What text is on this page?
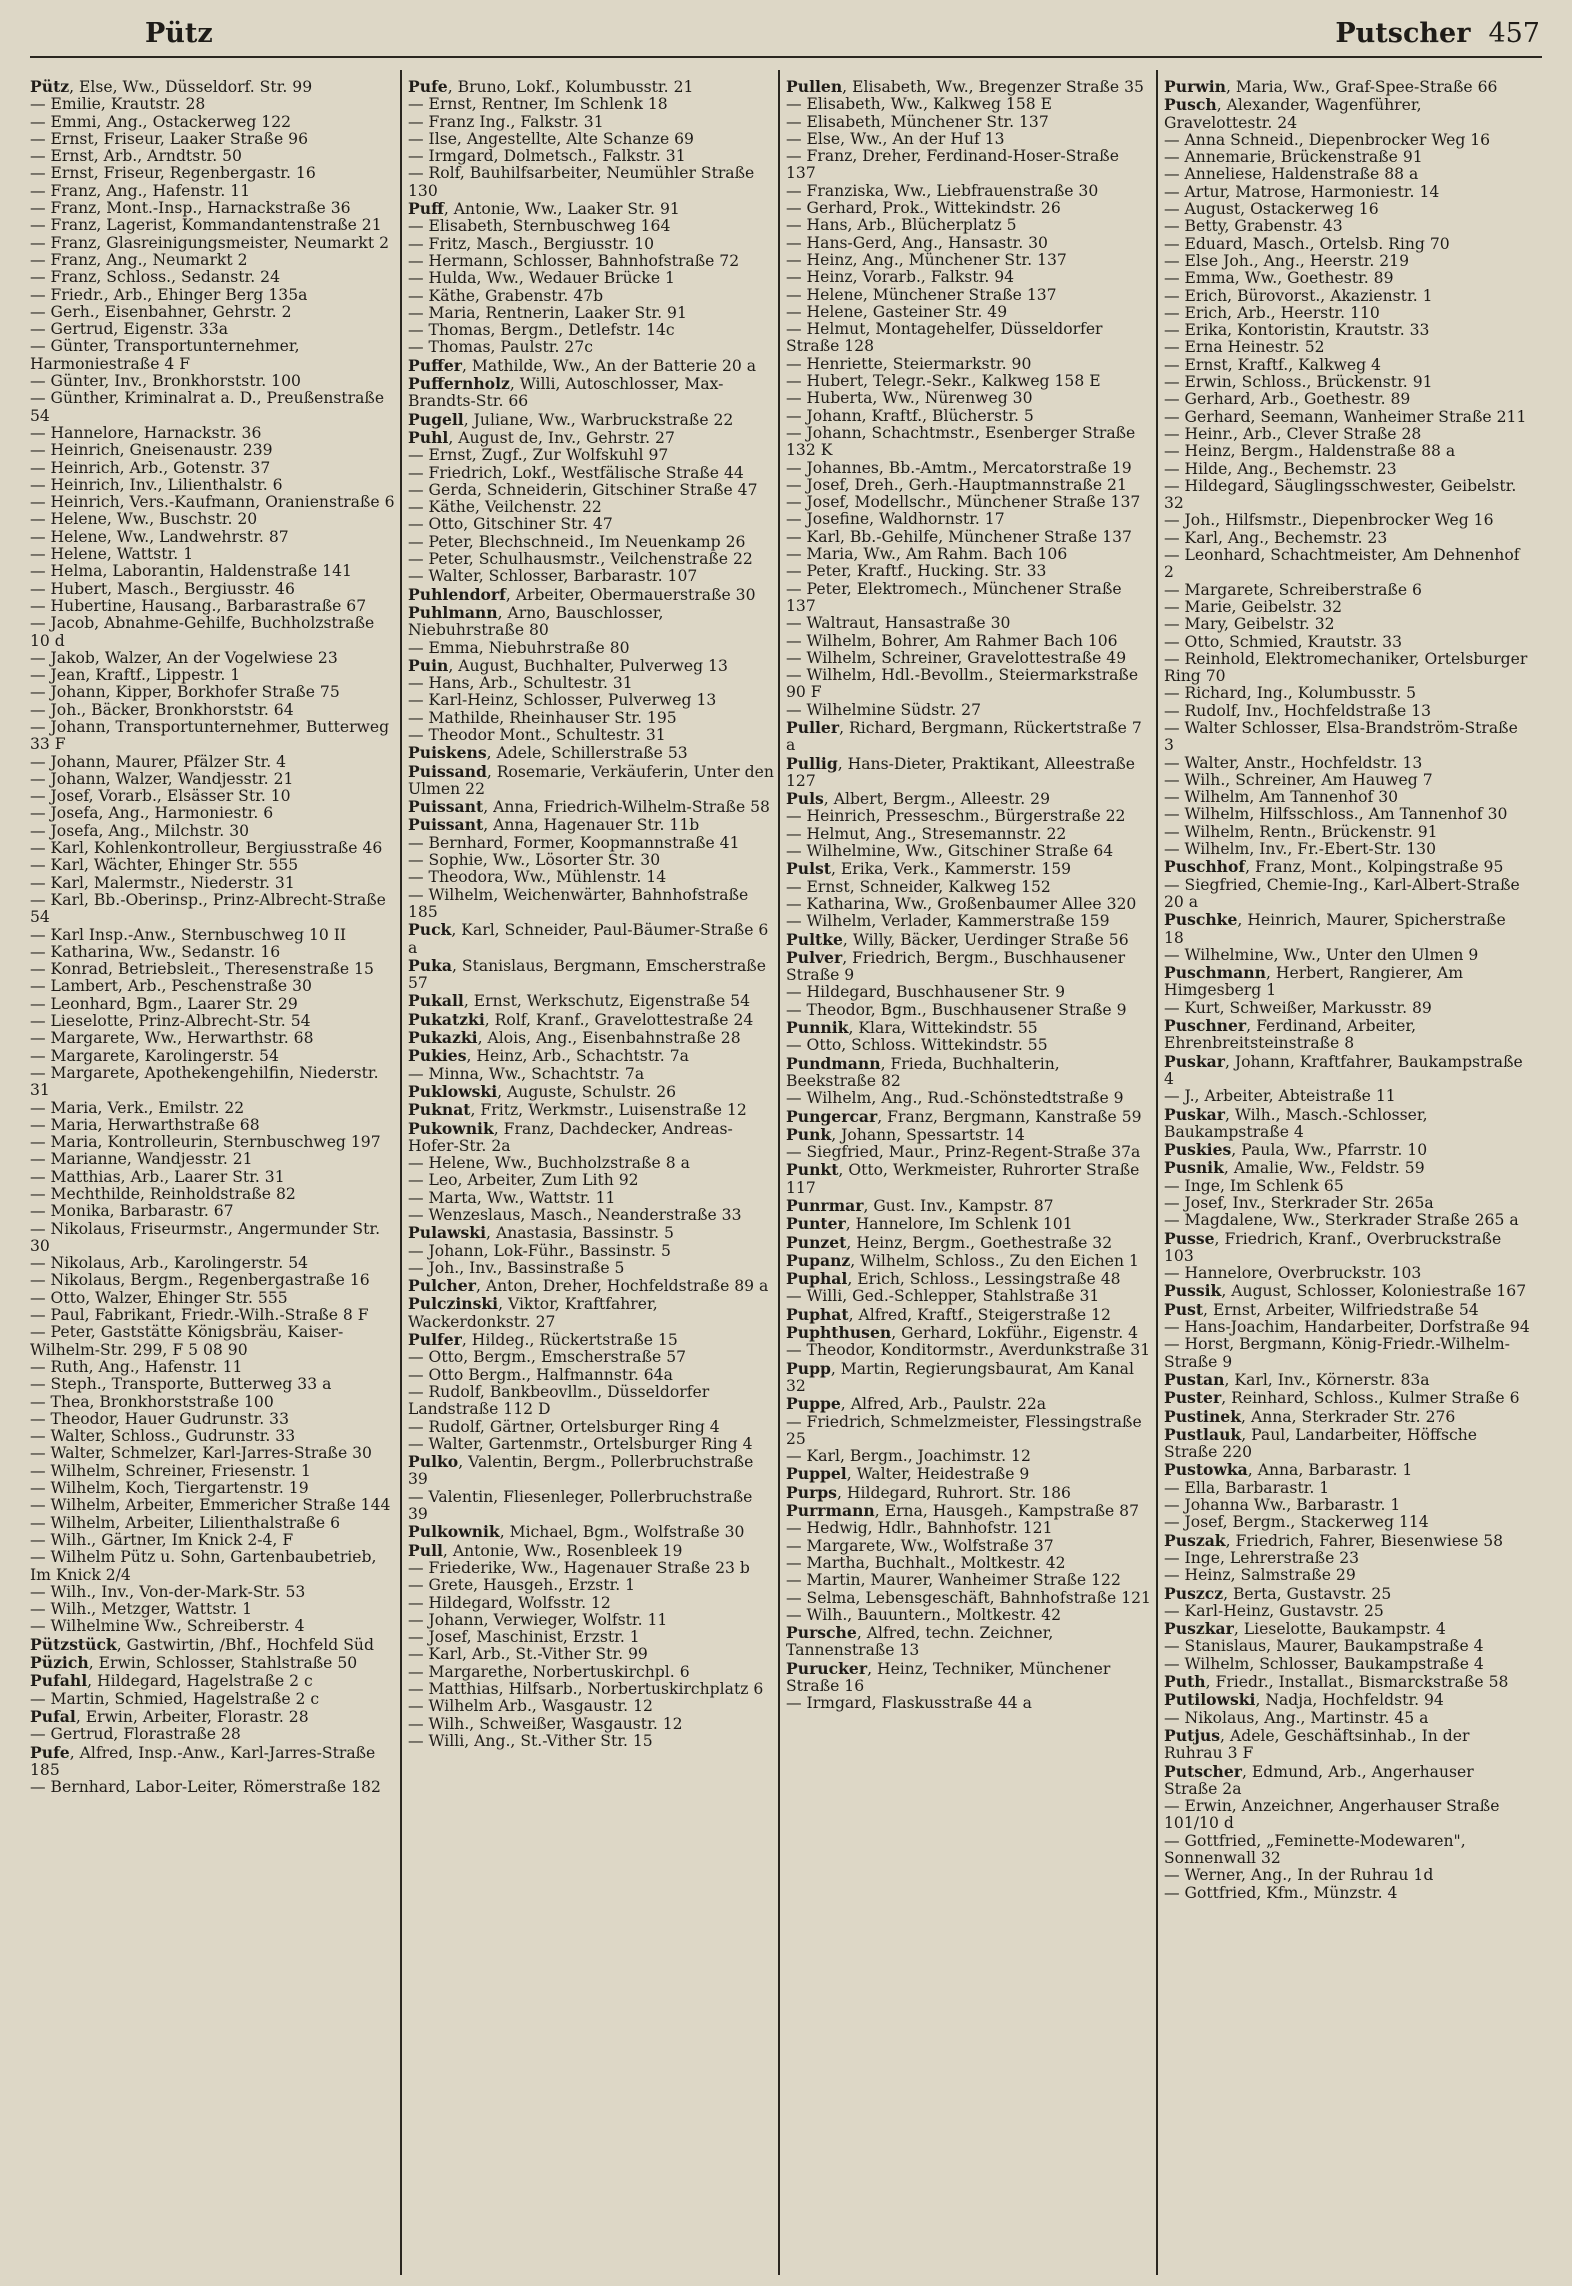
Pütz	Putscher 457
Pütz, Else, Ww., Düsseldorf. Str. 99
— Emilie, Krautstr. 28
— Emmi, Ang., Ostackerweg 122
— Ernst, Friseur, Laaker Straße 96
— Ernst, Arb., Arndtstr. 50
— Ernst, Friseur, Regenbergastr. 16
— Franz, Ang., Hafenstr. 11
— Franz, Mont.-Insp., Harnackstraße 36
— Franz, Lagerist, Kommandantenstraße 21
— Franz, Glasreinigungsmeister, Neumarkt 2
— Franz, Ang., Neumarkt 2
— Franz, Schloss., Sedanstr. 24
— Friedr., Arb., Ehinger Berg 135a
— Gerh., Eisenbahner, Gehrstr. 2
— Gertrud, Eigenstr. 33a
— Günter, Transportunternehmer, Harmoniestraße 4 F
— Günter, Inv., Bronkhorststr. 100
— Günther, Kriminalrat a. D., Preußenstraße 54
— Hannelore, Harnackstr. 36
— Heinrich, Gneisenaustr. 239
— Heinrich, Arb., Gotenstr. 37
— Heinrich, Inv., Lilienthalstr. 6
— Heinrich, Vers.-Kaufmann, Oranienstraße 6
— Helene, Ww., Buschstr. 20
— Helene, Ww., Landwehrstr. 87
— Helene, Wattstr. 1
— Helma, Laborantin, Haldenstraße 141
— Hubert, Masch., Bergiusstr. 46
— Hubertine, Hausang., Barbarastraße 67
— Jacob, Abnahme-Gehilfe, Buchholzstraße 10 d
— Jakob, Walzer, An der Vogelwiese 23
— Jean, Kraftf., Lippestr. 1
— Johann, Kipper, Borkhofer Straße 75
— Joh., Bäcker, Bronkhorststr. 64
— Johann, Transportunternehmer, Butterweg 33 F
— Johann, Maurer, Pfälzer Str. 4
— Johann, Walzer, Wandjesstr. 21
— Josef, Vorarb., Elsässer Str. 10
— Josefa, Ang., Harmoniestr. 6
— Josefa, Ang., Milchstr. 30
— Karl, Kohlenkontrolleur, Bergiusstraße 46
— Karl, Wächter, Ehinger Str. 555
— Karl, Malermstr., Niederstr. 31
— Karl, Bb.-Oberinsp., Prinz-Albrecht-Straße 54
— Karl Insp.-Anw., Sternbuschweg 10 II
— Katharina, Ww., Sedanstr. 16
— Konrad, Betriebsleit., Theresenstraße 15
— Lambert, Arb., Peschenstraße 30
— Leonhard, Bgm., Laarer Str. 29
— Lieselotte, Prinz-Albrecht-Str. 54
— Margarete, Ww., Herwarthstr. 68
— Margarete, Karolingerstr. 54
— Margarete, Apothekengehilfin, Niederstr. 31
— Maria, Verk., Emilstr. 22
— Maria, Herwarthstraße 68
— Maria, Kontrolleurin, Sternbuschweg 197
— Marianne, Wandjesstr. 21
— Matthias, Arb., Laarer Str. 31
— Mechthilde, Reinholdstraße 82
— Monika, Barbarastr. 67
— Nikolaus, Friseurmstr., Angermunder Str. 30
— Nikolaus, Arb., Karolingerstr. 54
— Nikolaus, Bergm., Regenbergastraße 16
— Otto, Walzer, Ehinger Str. 555
— Paul, Fabrikant, Friedr.-Wilh.-Straße 8 F
— Peter, Gaststätte Königsbräu, Kaiser-Wilhelm-Str. 299, F 5 08 90
— Ruth, Ang., Hafenstr. 11
— Steph., Transporte, Butterweg 33 a
— Thea, Bronkhorststraße 100
— Theodor, Hauer Gudrunstr. 33
— Walter, Schloss., Gudrunstr. 33
— Walter, Schmelzer, Karl-Jarres-Straße 30
— Wilhelm, Schreiner, Friesenstr. 1
— Wilhelm, Koch, Tiergartenstr. 19
— Wilhelm, Arbeiter, Emmericher Straße 144
— Wilhelm, Arbeiter, Lilienthalstraße 6
— Wilh., Gärtner, Im Knick 2-4, F
— Wilhelm Pütz u. Sohn, Gartenbaubetrieb, Im Knick 2/4
— Wilh., Inv., Von-der-Mark-Str. 53
— Wilh., Metzger, Wattstr. 1
— Wilhelmine Ww., Schreiberstr. 4
Pützstück, Gastwirtin, /Bhf., Hochfeld Süd
Püzich, Erwin, Schlosser, Stahlstraße 50
Pufahl, Hildegard, Hagelstraße 2 c
— Martin, Schmied, Hagelstraße 2 c
Pufal, Erwin, Arbeiter, Florastr. 28
— Gertrud, Florastraße 28
Pufe, Alfred, Insp.-Anw., Karl-Jarres-Straße 185
— Bernhard, Labor-Leiter, Römerstraße 182
Pufe, Bruno, Lokf., Kolumbusstr. 21
— Ernst, Rentner, Im Schlenk 18
— Franz Ing., Falkstr. 31
— Ilse, Angestellte, Alte Schanze 69
— Irmgard, Dolmetsch., Falkstr. 31
— Rolf, Bauhilfsarbeiter, Neumühler Straße 130
Puff, Antonie, Ww., Laaker Str. 91
— Elisabeth, Sternbuschweg 164
— Fritz, Masch., Bergiusstr. 10
— Hermann, Schlosser, Bahnhofstraße 72
— Hulda, Ww., Wedauer Brücke 1
— Käthe, Grabenstr. 47b
— Maria, Rentnerin, Laaker Str. 91
— Thomas, Bergm., Detlefstr. 14c
— Thomas, Paulstr. 27c
Puffer, Mathilde, Ww., An der Batterie 20 a
Puffernholz, Willi, Autoschlosser, Max-Brandts-Str. 66
Pugell, Juliane, Ww., Warbruckstraße 22
Puhl, August de, Inv., Gehrstr. 27
— Ernst, Zugf., Zur Wolfskuhl 97
— Friedrich, Lokf., Westfälische Straße 44
— Gerda, Schneiderin, Gitschiner Straße 47
— Käthe, Veilchenstr. 22
— Otto, Gitschiner Str. 47
— Peter, Blechschneid., Im Neuenkamp 26
— Peter, Schulhausmstr., Veilchenstraße 22
— Walter, Schlosser, Barbarastr. 107
Puhlendorf, Arbeiter, Obermauerstraße 30
Puhlmann, Arno, Bauschlosser, Niebuhrstraße 80
— Emma, Niebuhrstraße 80
Puin, August, Buchhalter, Pulverweg 13
— Hans, Arb., Schultestr. 31
— Karl-Heinz, Schlosser, Pulverweg 13
— Mathilde, Rheinhauser Str. 195
— Theodor Mont., Schultestr. 31
Puiskens, Adele, Schillerstraße 53
Puissand, Rosemarie, Verkäuferin, Unter den Ulmen 22
Puissant, Anna, Friedrich-Wilhelm-Straße 58
Puissant, Anna, Hagenauer Str. 11b
— Bernhard, Former, Koopmannstraße 41
— Sophie, Ww., Lösorter Str. 30
— Theodora, Ww., Mühlenstr. 14
— Wilhelm, Weichenwärter, Bahnhofstraße 185
Puck, Karl, Schneider, Paul-Bäumer-Straße 6 a
Puka, Stanislaus, Bergmann, Emscherstraße 57
Pukall, Ernst, Werkschutz, Eigenstraße 54
Pukatzki, Rolf, Kranf., Gravelottestraße 24
Pukazki, Alois, Ang., Eisenbahnstraße 28
Pukies, Heinz, Arb., Schachtstr. 7a
— Minna, Ww., Schachtstr. 7a
Puklowski, Auguste, Schulstr. 26
Puknat, Fritz, Werkmstr., Luisenstraße 12
Pukownik, Franz, Dachdecker, Andreas-Hofer-Str. 2a
— Helene, Ww., Buchholzstraße 8 a
— Leo, Arbeiter, Zum Lith 92
— Marta, Ww., Wattstr. 11
— Wenzeslaus, Masch., Neanderstraße 33
Pulawski, Anastasia, Bassinstr. 5
— Johann, Lok-Führ., Bassinstr. 5
— Joh., Inv., Bassinstraße 5
Pulcher, Anton, Dreher, Hochfeldstraße 89 a
Pulczinski, Viktor, Kraftfahrer, Wackerdonkstr. 27
Pulfer, Hildeg., Rückertstraße 15
— Otto, Bergm., Emscherstraße 57
— Otto Bergm., Halfmannstr. 64a
— Rudolf, Bankbeovllm., Düsseldorfer Landstraße 112 D
— Rudolf, Gärtner, Ortelsburger Ring 4
— Walter, Gartenmstr., Ortelsburger Ring 4
Pulko, Valentin, Bergm., Pollerbruchstraße 39
— Valentin, Fliesenleger, Pollerbruchstraße 39
Pulkownik, Michael, Bgm., Wolfstraße 30
Pull, Antonie, Ww., Rosenbleek 19
— Friederike, Ww., Hagenauer Straße 23 b
— Grete, Hausgeh., Erzstr. 1
— Hildegard, Wolfsstr. 12
— Johann, Verwieger, Wolfstr. 11
— Josef, Maschinist, Erzstr. 1
— Karl, Arb., St.-Vither Str. 99
— Margarethe, Norbertuskirchpl. 6
— Matthias, Hilfsarb., Norbertuskirchplatz 6
— Wilhelm Arb., Wasgaustr. 12
— Wilh., Schweißer, Wasgaustr. 12
— Willi, Ang., St.-Vither Str. 15
Pullen, Elisabeth, Ww., Bregenzer Straße 35
— Elisabeth, Ww., Kalkweg 158 E
— Elisabeth, Münchener Str. 137
— Else, Ww., An der Huf 13
— Franz, Dreher, Ferdinand-Hoser-Straße 137
— Franziska, Ww., Liebfrauenstraße 30
— Gerhard, Prok., Wittekindstr. 26
— Hans, Arb., Blücherplatz 5
— Hans-Gerd, Ang., Hansastr. 30
— Heinz, Ang., Münchener Str. 137
— Heinz, Vorarb., Falkstr. 94
— Helene, Münchener Straße 137
— Helene, Gasteiner Str. 49
— Helmut, Montagehelfer, Düsseldorfer Straße 128
— Henriette, Steiermarkstr. 90
— Hubert, Telegr.-Sekr., Kalkweg 158 E
— Huberta, Ww., Nürenweg 30
— Johann, Kraftf., Blücherstr. 5
— Johann, Schachtmstr., Esenberger Straße 132 K
— Johannes, Bb.-Amtm., Mercatorstraße 19
— Josef, Dreh., Gerh.-Hauptmannstraße 21
— Josef, Modellschr., Münchener Straße 137
— Josefine, Waldhornstr. 17
— Karl, Bb.-Gehilfe, Münchener Straße 137
— Maria, Ww., Am Rahm. Bach 106
— Peter, Kraftf., Hucking. Str. 33
— Peter, Elektromech., Münchener Straße 137
— Waltraut, Hansastraße 30
— Wilhelm, Bohrer, Am Rahmer Bach 106
— Wilhelm, Schreiner, Gravelottestraße 49
— Wilhelm, Hdl.-Bevollm., Steiermarkstraße 90 F
— Wilhelmine Südstr. 27
Puller, Richard, Bergmann, Rückertstraße 7 a
Pullig, Hans-Dieter, Praktikant, Alleestraße 127
Puls, Albert, Bergm., Alleestr. 29
— Heinrich, Presseschm., Bürgerstraße 22
— Helmut, Ang., Stresemannstr. 22
— Wilhelmine, Ww., Gitschiner Straße 64
Pulst, Erika, Verk., Kammerstr. 159
— Ernst, Schneider, Kalkweg 152
— Katharina, Ww., Großenbaumer Allee 320
— Wilhelm, Verlader, Kammerstraße 159
Pultke, Willy, Bäcker, Uerdinger Straße 56
Pulver, Friedrich, Bergm., Buschhausener Straße 9
— Hildegard, Buschhausener Str. 9
— Theodor, Bgm., Buschhausener Straße 9
Punnik, Klara, Wittekindstr. 55
— Otto, Schloss. Wittekindstr. 55
Pundmann, Frieda, Buchhalterin, Beekstraße 82
— Wilhelm, Ang., Rud.-Schönstedtstraße 9
Pungercar, Franz, Bergmann, Kanstraße 59
Punk, Johann, Spessartstr. 14
— Siegfried, Maur., Prinz-Regent-Straße 37a
Punkt, Otto, Werkmeister, Ruhrorter Straße 117
Punrmar, Gust. Inv., Kampstr. 87
Punter, Hannelore, Im Schlenk 101
Punzet, Heinz, Bergm., Goethestraße 32
Pupanz, Wilhelm, Schloss., Zu den Eichen 1
Puphal, Erich, Schloss., Lessingstraße 48
— Willi, Ged.-Schlepper, Stahlstraße 31
Puphat, Alfred, Kraftf., Steigerstraße 12
Puphthusen, Gerhard, Lokführ., Eigenstr. 4
— Theodor, Konditormstr., Averdunkstraße 31
Pupp, Martin, Regierungsbaurat, Am Kanal 32
Puppe, Alfred, Arb., Paulstr. 22a
— Friedrich, Schmelzmeister, Flessingstraße 25
— Karl, Bergm., Joachimstr. 12
Puppel, Walter, Heidestraße 9
Purps, Hildegard, Ruhrort. Str. 186
Purrmann, Erna, Hausgeh., Kampstraße 87
— Hedwig, Hdlr., Bahnhofstr. 121
— Margarete, Ww., Wolfstraße 37
— Martha, Buchhalt., Moltkestr. 42
— Martin, Maurer, Wanheimer Straße 122
— Selma, Lebensgeschäft, Bahnhofstraße 121
— Wilh., Bauuntern., Moltkestr. 42
Pursche, Alfred, techn. Zeichner, Tannenstraße 13
Purucker, Heinz, Techniker, Münchener Straße 16
— Irmgard, Flaskusstraße 44 a
Purwin, Maria, Ww., Graf-Spee-Straße 66
Pusch, Alexander, Wagenführer, Gravelottestr. 24
— Anna Schneid., Diepenbrocker Weg 16
— Annemarie, Brückenstraße 91
— Anneliese, Haldenstraße 88 a
— Artur, Matrose, Harmoniestr. 14
— August, Ostackerweg 16
— Betty, Grabenstr. 43
— Eduard, Masch., Ortelsb. Ring 70
— Else Joh., Ang., Heerstr. 219
— Emma, Ww., Goethestr. 89
— Erich, Bürovorst., Akazienstr. 1
— Erich, Arb., Heerstr. 110
— Erika, Kontoristin, Krautstr. 33
— Erna Heinestr. 52
— Ernst, Kraftf., Kalkweg 4
— Erwin, Schloss., Brückenstr. 91
— Gerhard, Arb., Goethestr. 89
— Gerhard, Seemann, Wanheimer Straße 211
— Heinr., Arb., Clever Straße 28
— Heinz, Bergm., Haldenstraße 88 a
— Hilde, Ang., Bechemstr. 23
— Hildegard, Säuglingsschwester, Geibelstr. 32
— Joh., Hilfsmstr., Diepenbrocker Weg 16
— Karl, Ang., Bechemstr. 23
— Leonhard, Schachtmeister, Am Dehnenhof 2
— Margarete, Schreiberstraße 6
— Marie, Geibelstr. 32
— Mary, Geibelstr. 32
— Otto, Schmied, Krautstr. 33
— Reinhold, Elektromechaniker, Ortelsburger Ring 70
— Richard, Ing., Kolumbusstr. 5
— Rudolf, Inv., Hochfeldstraße 13
— Walter Schlosser, Elsa-Brandström-Straße 3
— Walter, Anstr., Hochfeldstr. 13
— Wilh., Schreiner, Am Hauweg 7
— Wilhelm, Am Tannenhof 30
— Wilhelm, Hilfsschloss., Am Tannenhof 30
— Wilhelm, Rentn., Brückenstr. 91
— Wilhelm, Inv., Fr.-Ebert-Str. 130
Puschhof, Franz, Mont., Kolpingstraße 95
— Siegfried, Chemie-Ing., Karl-Albert-Straße 20 a
Puschke, Heinrich, Maurer, Spicherstraße 18
— Wilhelmine, Ww., Unter den Ulmen 9
Puschmann, Herbert, Rangierer, Am Himgesberg 1
— Kurt, Schweißer, Markusstr. 89
Puschner, Ferdinand, Arbeiter, Ehrenbreitsteinstraße 8
Puskar, Johann, Kraftfahrer, Baukampstraße 4
— J., Arbeiter, Abteistraße 11
Puskar, Wilh., Masch.-Schlosser, Baukampstraße 4
Puskies, Paula, Ww., Pfarrstr. 10
Pusnik, Amalie, Ww., Feldstr. 59
— Inge, Im Schlenk 65
— Josef, Inv., Sterkrader Str. 265a
— Magdalene, Ww., Sterkrader Straße 265 a
Pusse, Friedrich, Kranf., Overbruckstraße 103
— Hannelore, Overbruckstr. 103
Pussik, August, Schlosser, Koloniestraße 167
Pust, Ernst, Arbeiter, Wilfriedstraße 54
— Hans-Joachim, Handarbeiter, Dorfstraße 94
— Horst, Bergmann, König-Friedr.-Wilhelm-Straße 9
Pustan, Karl, Inv., Körnerstr. 83a
Puster, Reinhard, Schloss., Kulmer Straße 6
Pustinek, Anna, Sterkrader Str. 276
Pustlauk, Paul, Landarbeiter, Höffsche Straße 220
Pustowka, Anna, Barbarastr. 1
— Ella, Barbarastr. 1
— Johanna Ww., Barbarastr. 1
— Josef, Bergm., Stackerweg 114
Puszak, Friedrich, Fahrer, Biesenwiese 58
— Inge, Lehrerstraße 23
— Heinz, Salmstraße 29
Puszcz, Berta, Gustavstr. 25
— Karl-Heinz, Gustavstr. 25
Puszkar, Lieselotte, Baukampstr. 4
— Stanislaus, Maurer, Baukampstraße 4
— Wilhelm, Schlosser, Baukampstraße 4
Puth, Friedr., Installat., Bismarckstraße 58
Putilowski, Nadja, Hochfeldstr. 94
— Nikolaus, Ang., Martinstr. 45 a
Putjus, Adele, Geschäftsinhab., In der Ruhrau 3 F
Putscher, Edmund, Arb., Angerhauser Straße 2a
— Erwin, Anzeichner, Angerhauser Straße 101/10 d
— Gottfried, „Feminette-Modewaren", Sonnenwall 32
— Werner, Ang., In der Ruhrau 1d
— Gottfried, Kfm., Münzstr. 4
